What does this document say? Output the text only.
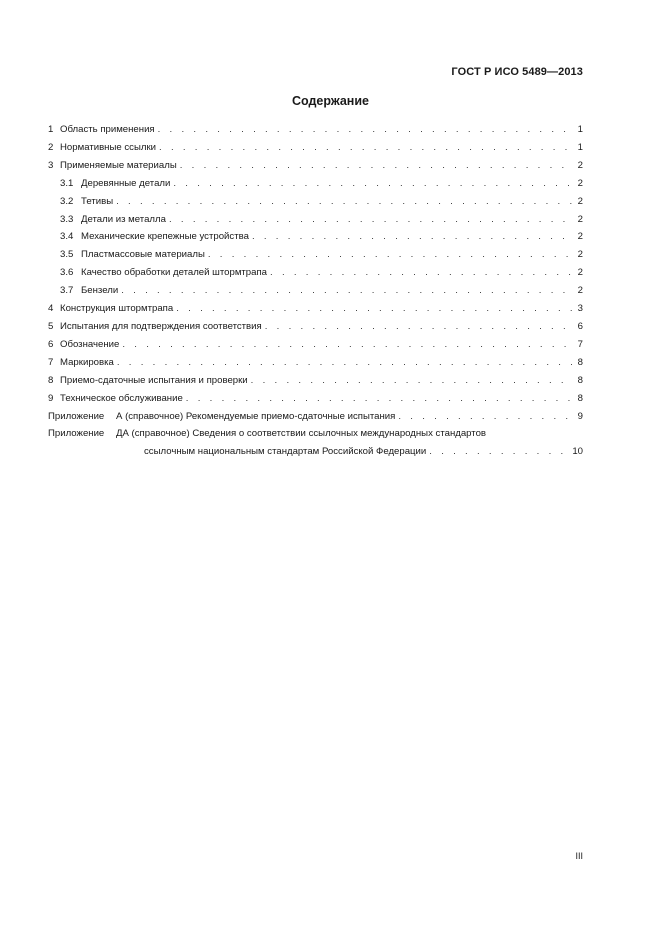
ГОСТ Р ИСО 5489—2013
Содержание
1 Область применения . . .	1
2 Нормативные ссылки . . .	1
3 Применяемые материалы . . .	2
3.1 Деревянные детали . . .	2
3.2 Тетивы . . .	2
3.3 Детали из металла . . .	2
3.4 Механические крепежные устройства . . .	2
3.5 Пластмассовые материалы . . .	2
3.6 Качество обработки деталей штормтрапа . . .	2
3.7 Бензели . . .	2
4 Конструкция штормтрапа . . .	3
5 Испытания для подтверждения соответствия . . .	6
6 Обозначение . . .	7
7 Маркировка . . .	8
8 Приемо-сдаточные испытания и проверки . . .	8
9 Техническое обслуживание . . .	8
Приложение А (справочное) Рекомендуемые приемо-сдаточные испытания . . .	9
Приложение ДА (справочное) Сведения о соответствии ссылочных международных стандартов
ссылочным национальным стандартам Российской Федерации . . .	10
III
